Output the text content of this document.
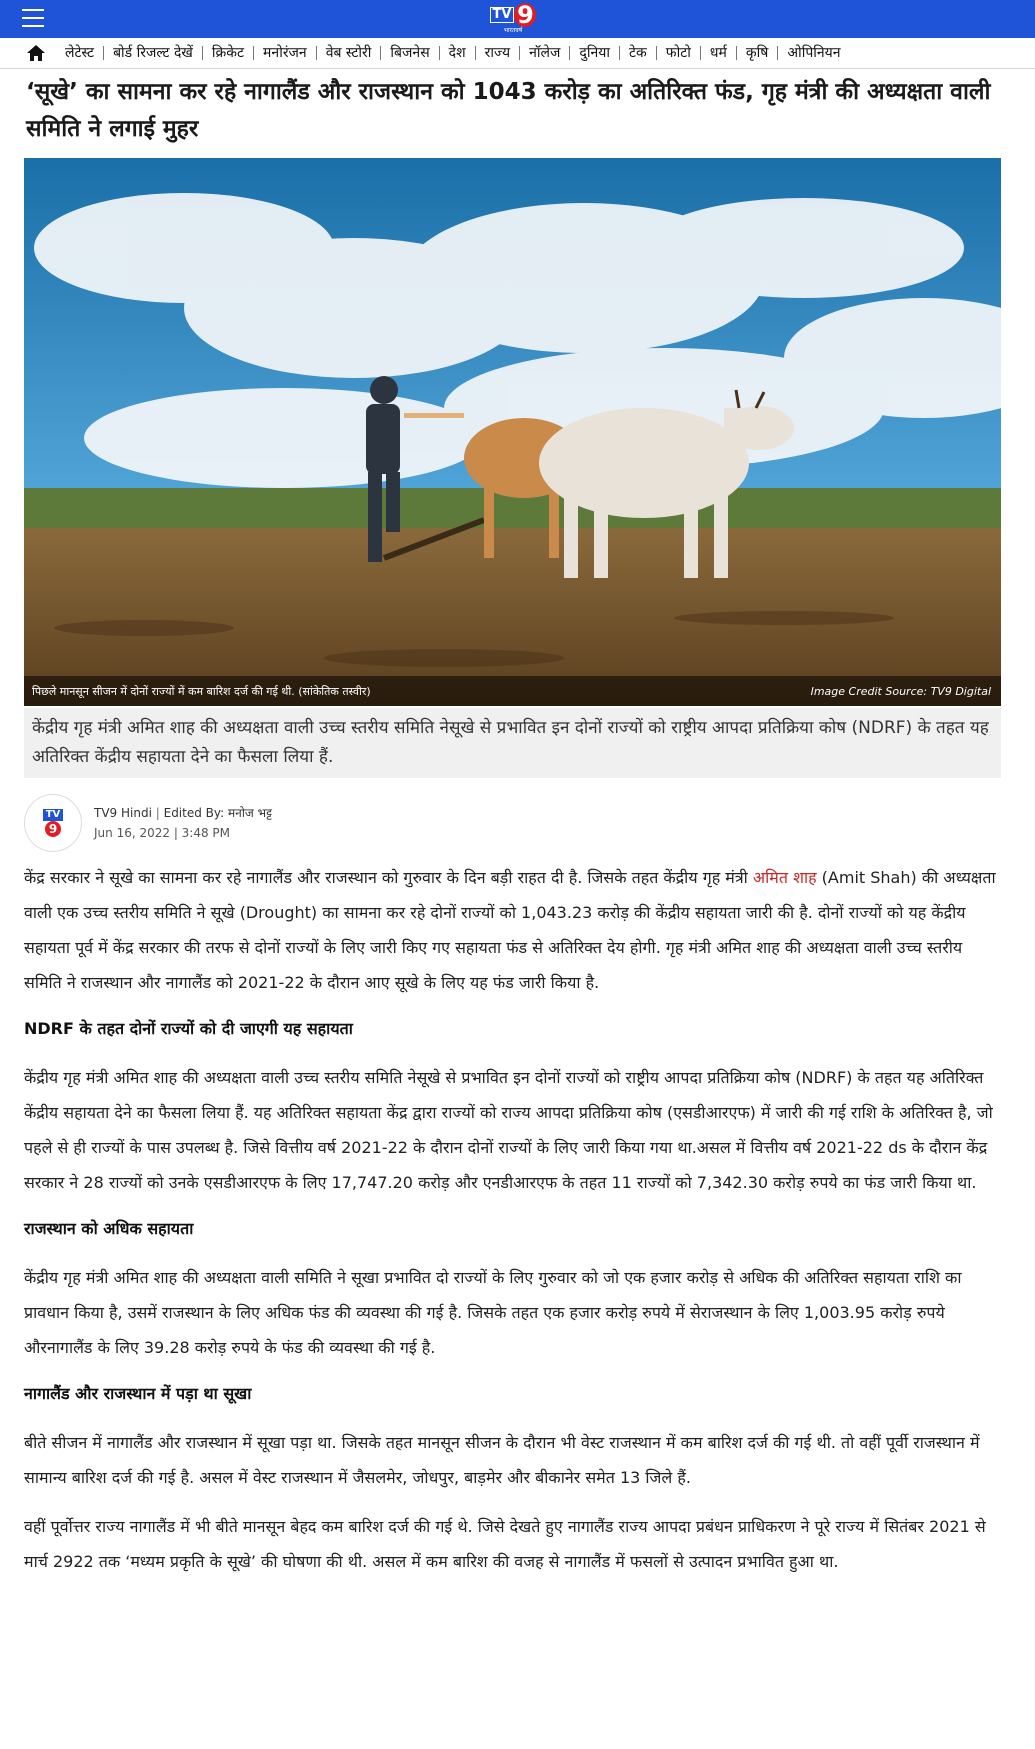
TV 9
भारतवर्ष
लेटेस्ट	बोर्ड रिजल्ट देखें	क्रिकेट	मनोरंजन	वेब स्टोरी	बिजनेस	देश	राज्य	नॉलेज	दुनिया	टेक	फोटो	धर्म	कृषि	ओपिनियन
‘सूखे’ का सामना कर रहे नागालैंड और राजस्थान को 1043 करोड़ का अतिरिक्त फंड, गृह मंत्री की अध्यक्षता वाली समिति ने लगाई मुहर
पिछले मानसून सीजन में दोनों राज्यों में कम बारिश दर्ज की गई थी. (सांकेतिक तस्वीर)	Image Credit Source: TV9 Digital
केंद्रीय गृह मंत्री अमित शाह की अध्यक्षता वाली उच्च स्तरीय समिति नेसूखे से प्रभावित इन दोनों राज्यों को राष्ट्रीय आपदा प्रतिक्रिया कोष (NDRF) के तहत यह अतिरिक्त केंद्रीय सहायता देने का फैसला लिया हैं.
TV
9
TV9 Hindi | Edited By: मनोज भट्ट
Jun 16, 2022 | 3:48 PM

केंद्र सरकार ने सूखे का सामना कर रहे नागालैंड और राजस्थान को गुरुवार के दिन बड़ी राहत दी है. जिसके तहत केंद्रीय गृह मंत्री अमित शाह (Amit Shah) की अध्यक्षता वाली एक उच्च स्तरीय समिति ने सूखे (Drought) का सामना कर रहे दोनों राज्यों को 1,043.23 करोड़ की केंद्रीय सहायता जारी की है. दोनों राज्यों को यह केंद्रीय सहायता पूर्व में केंद्र सरकार की तरफ से दोनों राज्यों के लिए जारी किए गए सहायता फंड से अतिरिक्त देय होगी. गृह मंत्री अमित शाह की अध्यक्षता वाली उच्च स्तरीय समिति ने राजस्थान और नागालैंड को 2021-22 के दौरान आए सूखे के लिए यह फंड जारी किया है.

NDRF के तहत दोनों राज्यों को दी जाएगी यह सहायता

केंद्रीय गृह मंत्री अमित शाह की अध्यक्षता वाली उच्च स्तरीय समिति नेसूखे से प्रभावित इन दोनों राज्यों को राष्ट्रीय आपदा प्रतिक्रिया कोष (NDRF) के तहत यह अतिरिक्त केंद्रीय सहायता देने का फैसला लिया हैं. यह अतिरिक्त सहायता केंद्र द्वारा राज्यों को राज्य आपदा प्रतिक्रिया कोष (एसडीआरएफ) में जारी की गई राशि के अतिरिक्त है, जो पहले से ही राज्यों के पास उपलब्ध है. जिसे वित्तीय वर्ष 2021-22 के दौरान दोनों राज्यों के लिए जारी किया गया था.असल में वित्तीय वर्ष 2021-22 ds के दौरान केंद्र सरकार ने 28 राज्यों को उनके एसडीआरएफ के लिए 17,747.20 करोड़ और एनडीआरएफ के तहत 11 राज्यों को 7,342.30 करोड़ रुपये का फंड जारी किया था.

राजस्थान को अधिक सहायता

केंद्रीय गृह मंत्री अमित शाह की अध्यक्षता वाली समिति ने सूखा प्रभावित दो राज्यों के लिए गुरुवार को जो एक हजार करोड़ से अधिक की अतिरिक्त सहायता राशि का प्रावधान किया है, उसमें राजस्थान के लिए अधिक फंड की व्यवस्था की गई है. जिसके तहत एक हजार करोड़ रुपये में सेराजस्थान के लिए 1,003.95 करोड़ रुपये औरनागालैंड के लिए 39.28 करोड़ रुपये के फंड की व्यवस्था की गई है.

नागालैंड और राजस्थान में पड़ा था सूखा

बीते सीजन में नागालैंड और राजस्थान में सूखा पड़ा था. जिसके तहत मानसून सीजन के दौरान भी वेस्ट राजस्थान में कम बारिश दर्ज की गई थी. तो वहीं पूर्वी राजस्थान में सामान्य बारिश दर्ज की गई है. असल में वेस्ट राजस्थान में जैसलमेर, जोधपुर, बाड़मेर और बीकानेर समेत 13 जिले हैं.

वहीं पूर्वोत्तर राज्य नागालैंड में भी बीते मानसून बेहद कम बारिश दर्ज की गई थे. जिसे देखते हुए नागालैंड राज्य आपदा प्रबंधन प्राधिकरण ने पूरे राज्य में सितंबर 2021 से मार्च 2922 तक ‘मध्यम प्रकृति के सूखे’ की घोषणा की थी. असल में कम बारिश की वजह से नागालैंड में फसलों से उत्पादन प्रभावित हुआ था.
